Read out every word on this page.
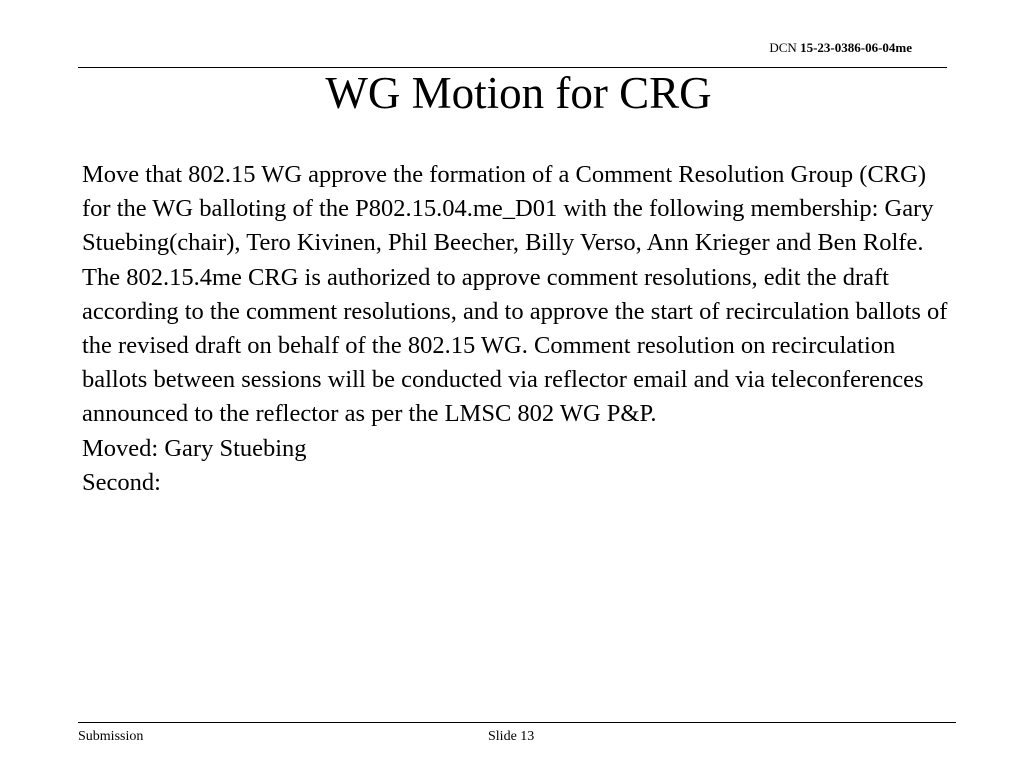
DCN 15-23-0386-06-04me
WG Motion for CRG

Move that 802.15 WG approve the formation of a Comment Resolution Group (CRG) for the WG balloting of the P802.15.04.me_D01 with the following membership: Gary Stuebing(chair), Tero Kivinen, Phil Beecher, Billy Verso, Ann Krieger and Ben Rolfe. The 802.15.4me CRG is authorized to approve comment resolutions, edit the draft according to the comment resolutions, and to approve the start of recirculation ballots of the revised draft on behalf of the 802.15 WG. Comment resolution on recirculation ballots between sessions will be conducted via reflector email and via teleconferences announced to the reflector as per the LMSC 802 WG P&P.

Moved: Gary Stuebing

Second:

Submission	Slide 13
